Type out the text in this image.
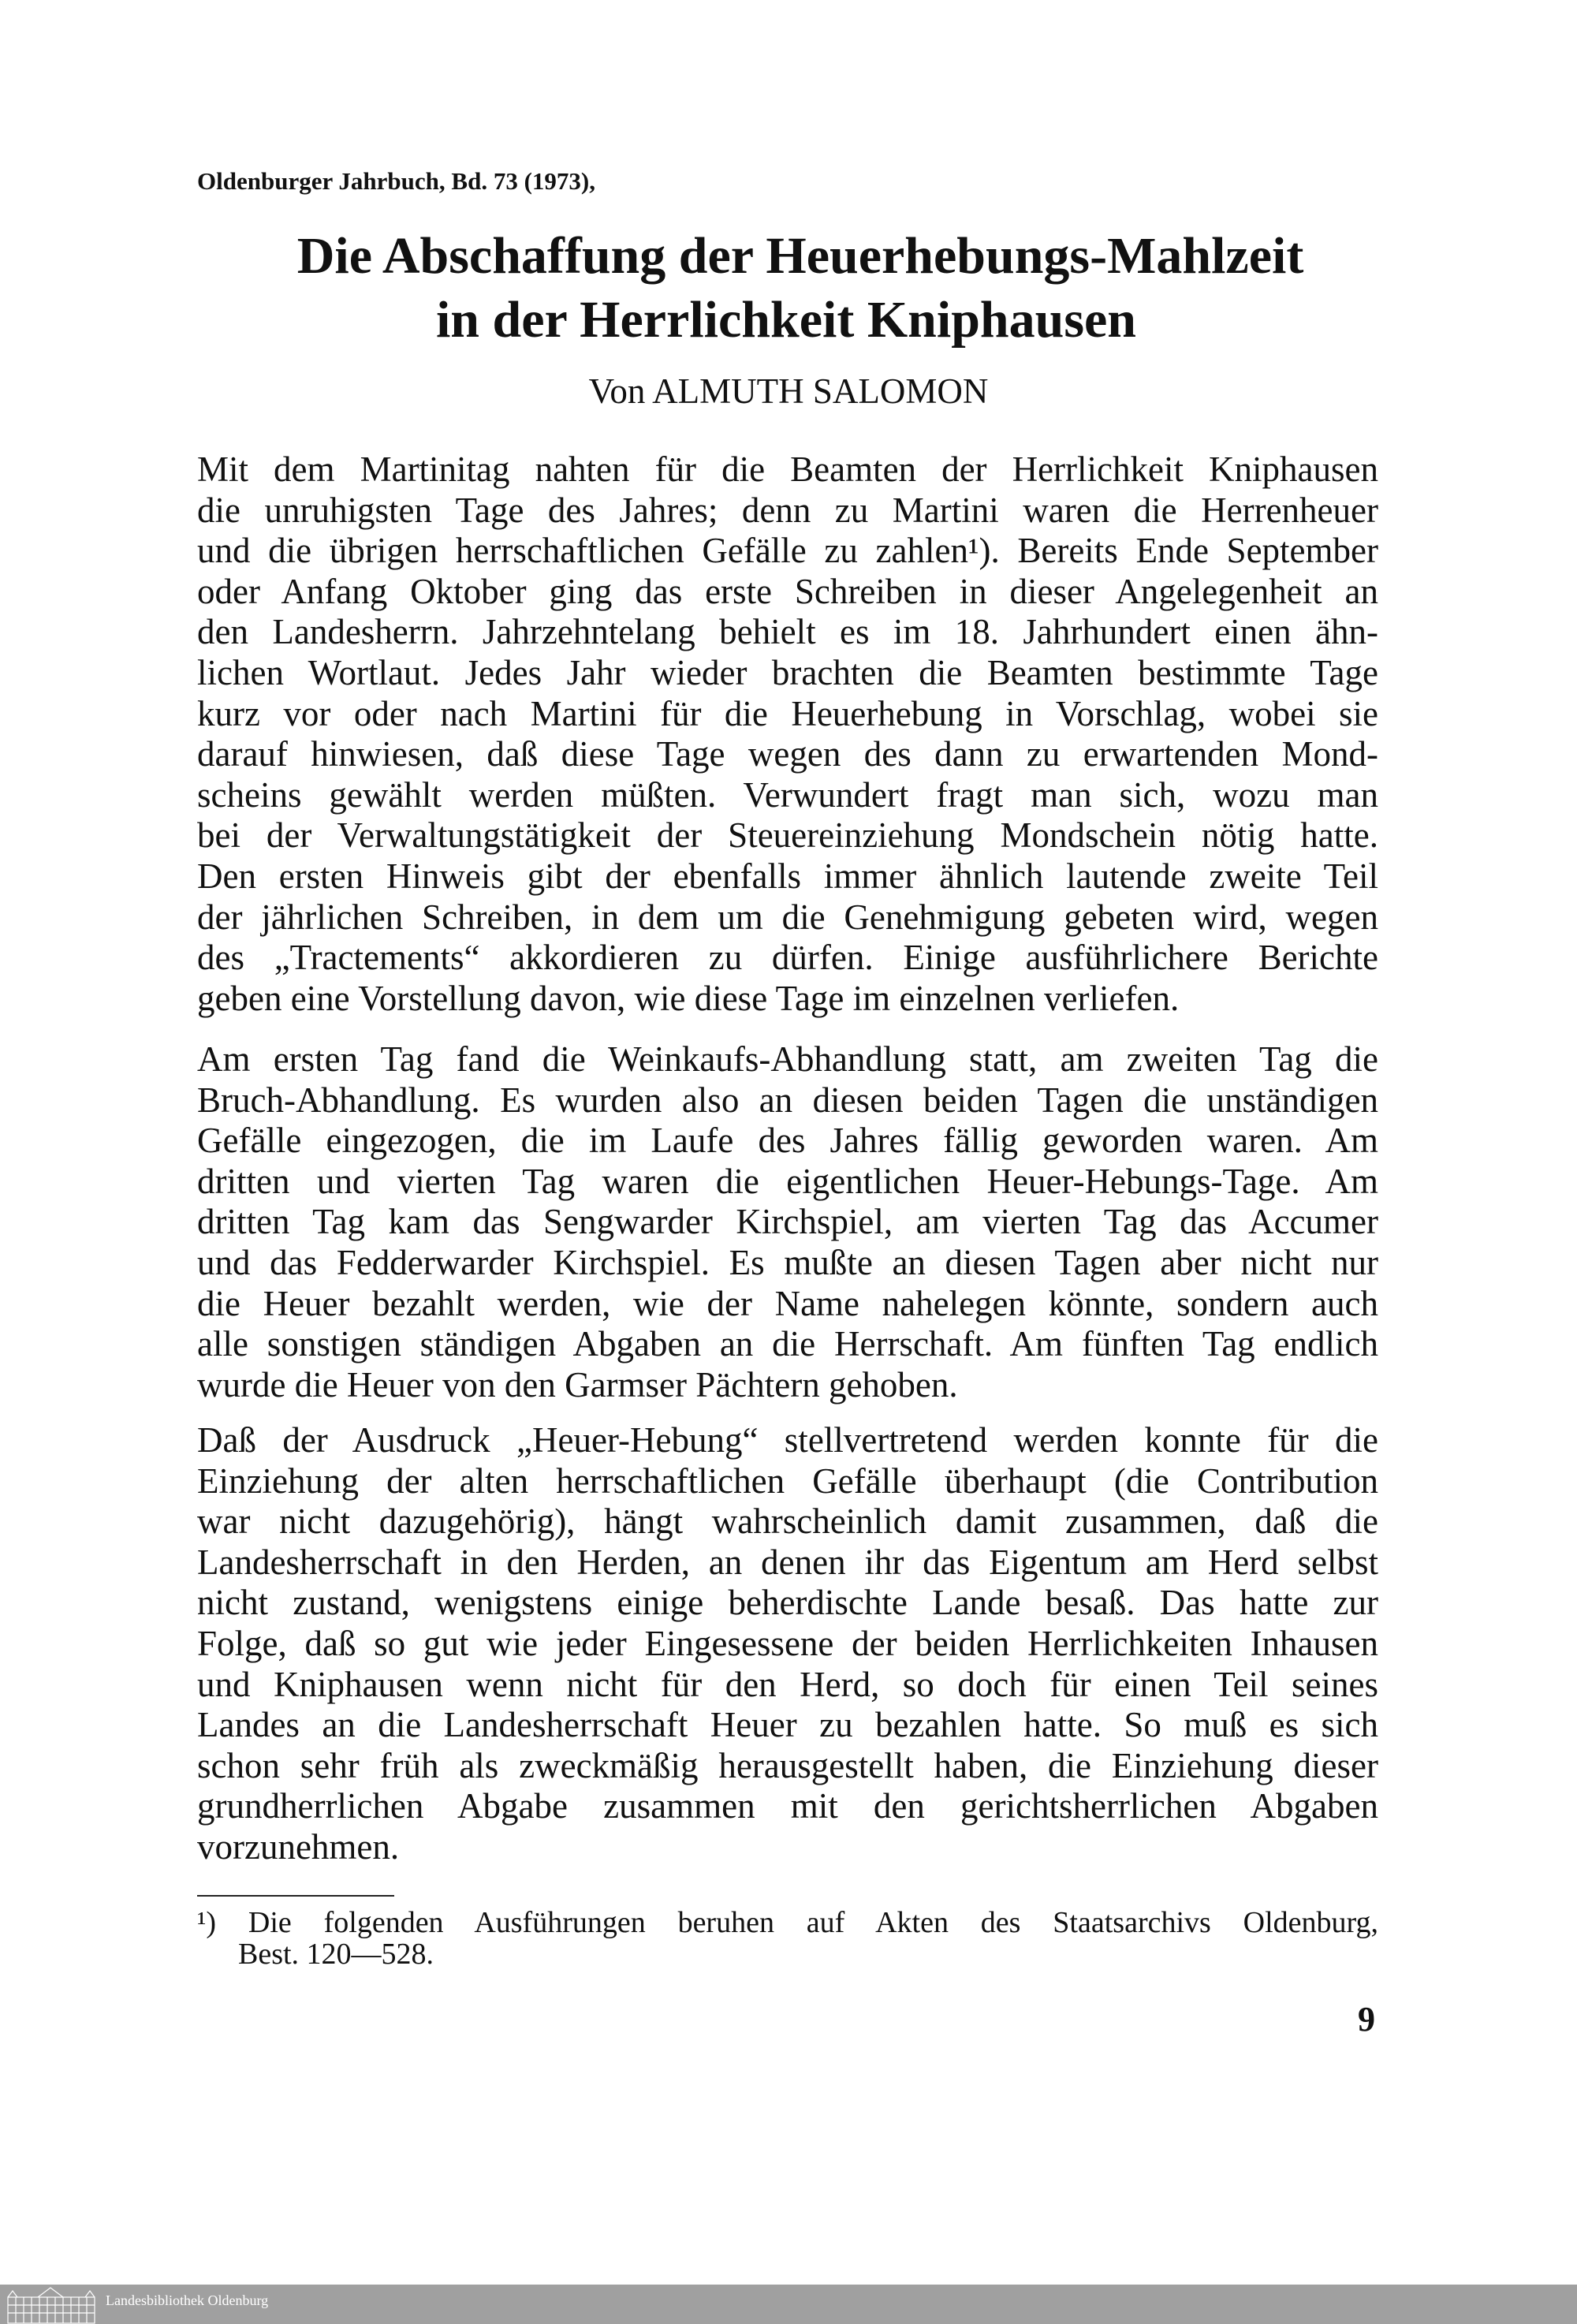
Oldenburger Jahrbuch, Bd. 73 (1973),
Die Abschaffung der Heuerhebungs-Mahlzeit
in der Herrlichkeit Kniphausen
Von ALMUTH SALOMON
Mit dem Martinitag nahten für die Beamten der Herrlichkeit Kniphausen
die unruhigsten Tage des Jahres; denn zu Martini waren die Herrenheuer
und die übrigen herrschaftlichen Gefälle zu zahlen¹). Bereits Ende September
oder Anfang Oktober ging das erste Schreiben in dieser Angelegenheit an
den Landesherrn. Jahrzehntelang behielt es im 18. Jahrhundert einen ähn-
lichen Wortlaut. Jedes Jahr wieder brachten die Beamten bestimmte Tage
kurz vor oder nach Martini für die Heuerhebung in Vorschlag, wobei sie
darauf hinwiesen, daß diese Tage wegen des dann zu erwartenden Mond-
scheins gewählt werden müßten. Verwundert fragt man sich, wozu man
bei der Verwaltungstätigkeit der Steuereinziehung Mondschein nötig hatte.
Den ersten Hinweis gibt der ebenfalls immer ähnlich lautende zweite Teil
der jährlichen Schreiben, in dem um die Genehmigung gebeten wird, wegen
des „Tractements“ akkordieren zu dürfen. Einige ausführlichere Berichte
geben eine Vorstellung davon, wie diese Tage im einzelnen verliefen.
Am ersten Tag fand die Weinkaufs-Abhandlung statt, am zweiten Tag die
Bruch-Abhandlung. Es wurden also an diesen beiden Tagen die unständigen
Gefälle eingezogen, die im Laufe des Jahres fällig geworden waren. Am
dritten und vierten Tag waren die eigentlichen Heuer-Hebungs-Tage. Am
dritten Tag kam das Sengwarder Kirchspiel, am vierten Tag das Accumer
und das Fedderwarder Kirchspiel. Es mußte an diesen Tagen aber nicht nur
die Heuer bezahlt werden, wie der Name nahelegen könnte, sondern auch
alle sonstigen ständigen Abgaben an die Herrschaft. Am fünften Tag endlich
wurde die Heuer von den Garmser Pächtern gehoben.
Daß der Ausdruck „Heuer-Hebung“ stellvertretend werden konnte für die
Einziehung der alten herrschaftlichen Gefälle überhaupt (die Contribution
war nicht dazugehörig), hängt wahrscheinlich damit zusammen, daß die
Landesherrschaft in den Herden, an denen ihr das Eigentum am Herd selbst
nicht zustand, wenigstens einige beherdischte Lande besaß. Das hatte zur
Folge, daß so gut wie jeder Eingesessene der beiden Herrlichkeiten Inhausen
und Kniphausen wenn nicht für den Herd, so doch für einen Teil seines
Landes an die Landesherrschaft Heuer zu bezahlen hatte. So muß es sich
schon sehr früh als zweckmäßig herausgestellt haben, die Einziehung dieser
grundherrlichen Abgabe zusammen mit den gerichtsherrlichen Abgaben
vorzunehmen.
¹) Die folgenden Ausführungen beruhen auf Akten des Staatsarchivs Oldenburg,
Best. 120—528.
9
Landesbibliothek Oldenburg
